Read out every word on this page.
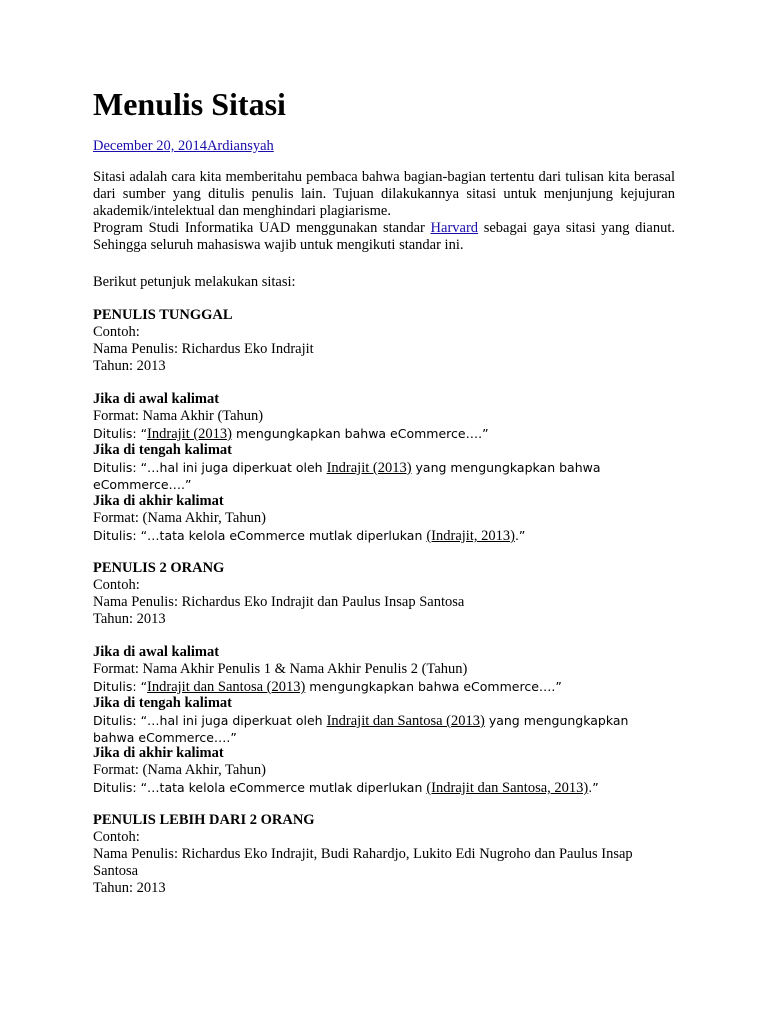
Menulis Sitasi
December 20, 2014Ardiansyah

Sitasi adalah cara kita memberitahu pembaca bahwa bagian-bagian tertentu dari tulisan kita berasal dari sumber yang ditulis penulis lain. Tujuan dilakukannya sitasi untuk menjunjung kejujuran akademik/intelektual dan menghindari plagiarisme.

Program Studi Informatika UAD menggunakan standar Harvard sebagai gaya sitasi yang dianut. Sehingga seluruh mahasiswa wajib untuk mengikuti standar ini.

Berikut petunjuk melakukan sitasi:
PENULIS TUNGGAL
Contoh:
Nama Penulis: Richardus Eko Indrajit
Tahun: 2013
Jika di awal kalimat
Format: Nama Akhir (Tahun)
Ditulis: “Indrajit (2013) mengungkapkan bahwa eCommerce….”
Jika di tengah kalimat
Ditulis: “…hal ini juga diperkuat oleh Indrajit (2013) yang mengungkapkan bahwa
eCommerce….”
Jika di akhir kalimat
Format: (Nama Akhir, Tahun)
Ditulis: “…tata kelola eCommerce mutlak diperlukan (Indrajit, 2013).”
PENULIS 2 ORANG
Contoh:
Nama Penulis: Richardus Eko Indrajit dan Paulus Insap Santosa
Tahun: 2013
Jika di awal kalimat
Format: Nama Akhir Penulis 1 & Nama Akhir Penulis 2 (Tahun)
Ditulis: “Indrajit dan Santosa (2013) mengungkapkan bahwa eCommerce….”
Jika di tengah kalimat
Ditulis: “…hal ini juga diperkuat oleh Indrajit dan Santosa (2013) yang mengungkapkan
bahwa eCommerce….”
Jika di akhir kalimat
Format: (Nama Akhir, Tahun)
Ditulis: “…tata kelola eCommerce mutlak diperlukan (Indrajit dan Santosa, 2013).”
PENULIS LEBIH DARI 2 ORANG
Contoh:
Nama Penulis: Richardus Eko Indrajit, Budi Rahardjo, Lukito Edi Nugroho dan Paulus Insap
Santosa
Tahun: 2013
